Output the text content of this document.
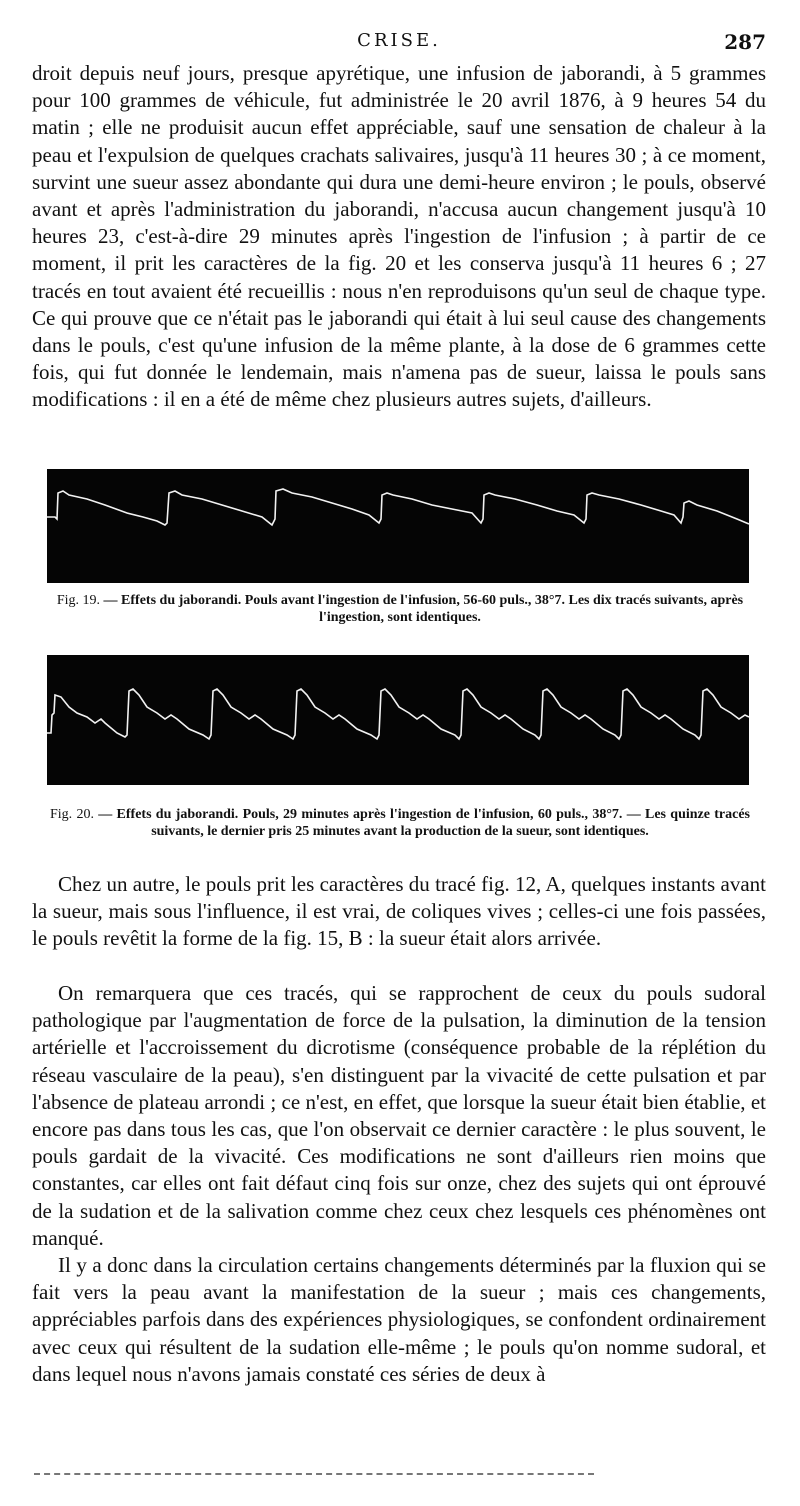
CRISE.	287

droit depuis neuf jours, presque apyrétique, une infusion de jaborandi, à 5 grammes pour 100 grammes de véhicule, fut administrée le 20 avril 1876, à 9 heures 54 du matin ; elle ne produisit aucun effet appréciable, sauf une sensation de chaleur à la peau et l'expulsion de quelques crachats salivaires, jusqu'à 11 heures 30 ; à ce moment, survint une sueur assez abondante qui dura une demi-heure environ ; le pouls, observé avant et après l'administration du jaborandi, n'accusa aucun changement jusqu'à 10 heures 23, c'est-à-dire 29 minutes après l'ingestion de l'infusion ; à partir de ce moment, il prit les caractères de la fig. 20 et les conserva jusqu'à 11 heures 6 ; 27 tracés en tout avaient été recueillis : nous n'en reproduisons qu'un seul de chaque type. Ce qui prouve que ce n'était pas le jaborandi qui était à lui seul cause des changements dans le pouls, c'est qu'une infusion de la même plante, à la dose de 6 grammes cette fois, qui fut donnée le lendemain, mais n'amena pas de sueur, laissa le pouls sans modifications : il en a été de même chez plusieurs autres sujets, d'ailleurs.

Fig. 19. — Effets du jaborandi. Pouls avant l'ingestion de l'infusion, 56-60 puls., 38°7. Les dix tracés suivants, après l'ingestion, sont identiques.

Fig. 20. — Effets du jaborandi. Pouls, 29 minutes après l'ingestion de l'infusion, 60 puls., 38°7. — Les quinze tracés suivants, le dernier pris 25 minutes avant la production de la sueur, sont identiques.

Chez un autre, le pouls prit les caractères du tracé fig. 12, A, quelques instants avant la sueur, mais sous l'influence, il est vrai, de coliques vives ; celles-ci une fois passées, le pouls revêtit la forme de la fig. 15, B : la sueur était alors arrivée.

On remarquera que ces tracés, qui se rapprochent de ceux du pouls sudoral pathologique par l'augmentation de force de la pulsation, la diminution de la tension artérielle et l'accroissement du dicrotisme (conséquence probable de la réplétion du réseau vasculaire de la peau), s'en distinguent par la vivacité de cette pulsation et par l'absence de plateau arrondi ; ce n'est, en effet, que lorsque la sueur était bien établie, et encore pas dans tous les cas, que l'on observait ce dernier caractère : le plus souvent, le pouls gardait de la vivacité. Ces modifications ne sont d'ailleurs rien moins que constantes, car elles ont fait défaut cinq fois sur onze, chez des sujets qui ont éprouvé de la sudation et de la salivation comme chez ceux chez lesquels ces phénomènes ont manqué.

Il y a donc dans la circulation certains changements déterminés par la fluxion qui se fait vers la peau avant la manifestation de la sueur ; mais ces changements, appréciables parfois dans des expériences physiologiques, se confondent ordinairement avec ceux qui résultent de la sudation elle-même ; le pouls qu'on nomme sudoral, et dans lequel nous n'avons jamais constaté ces séries de deux à
